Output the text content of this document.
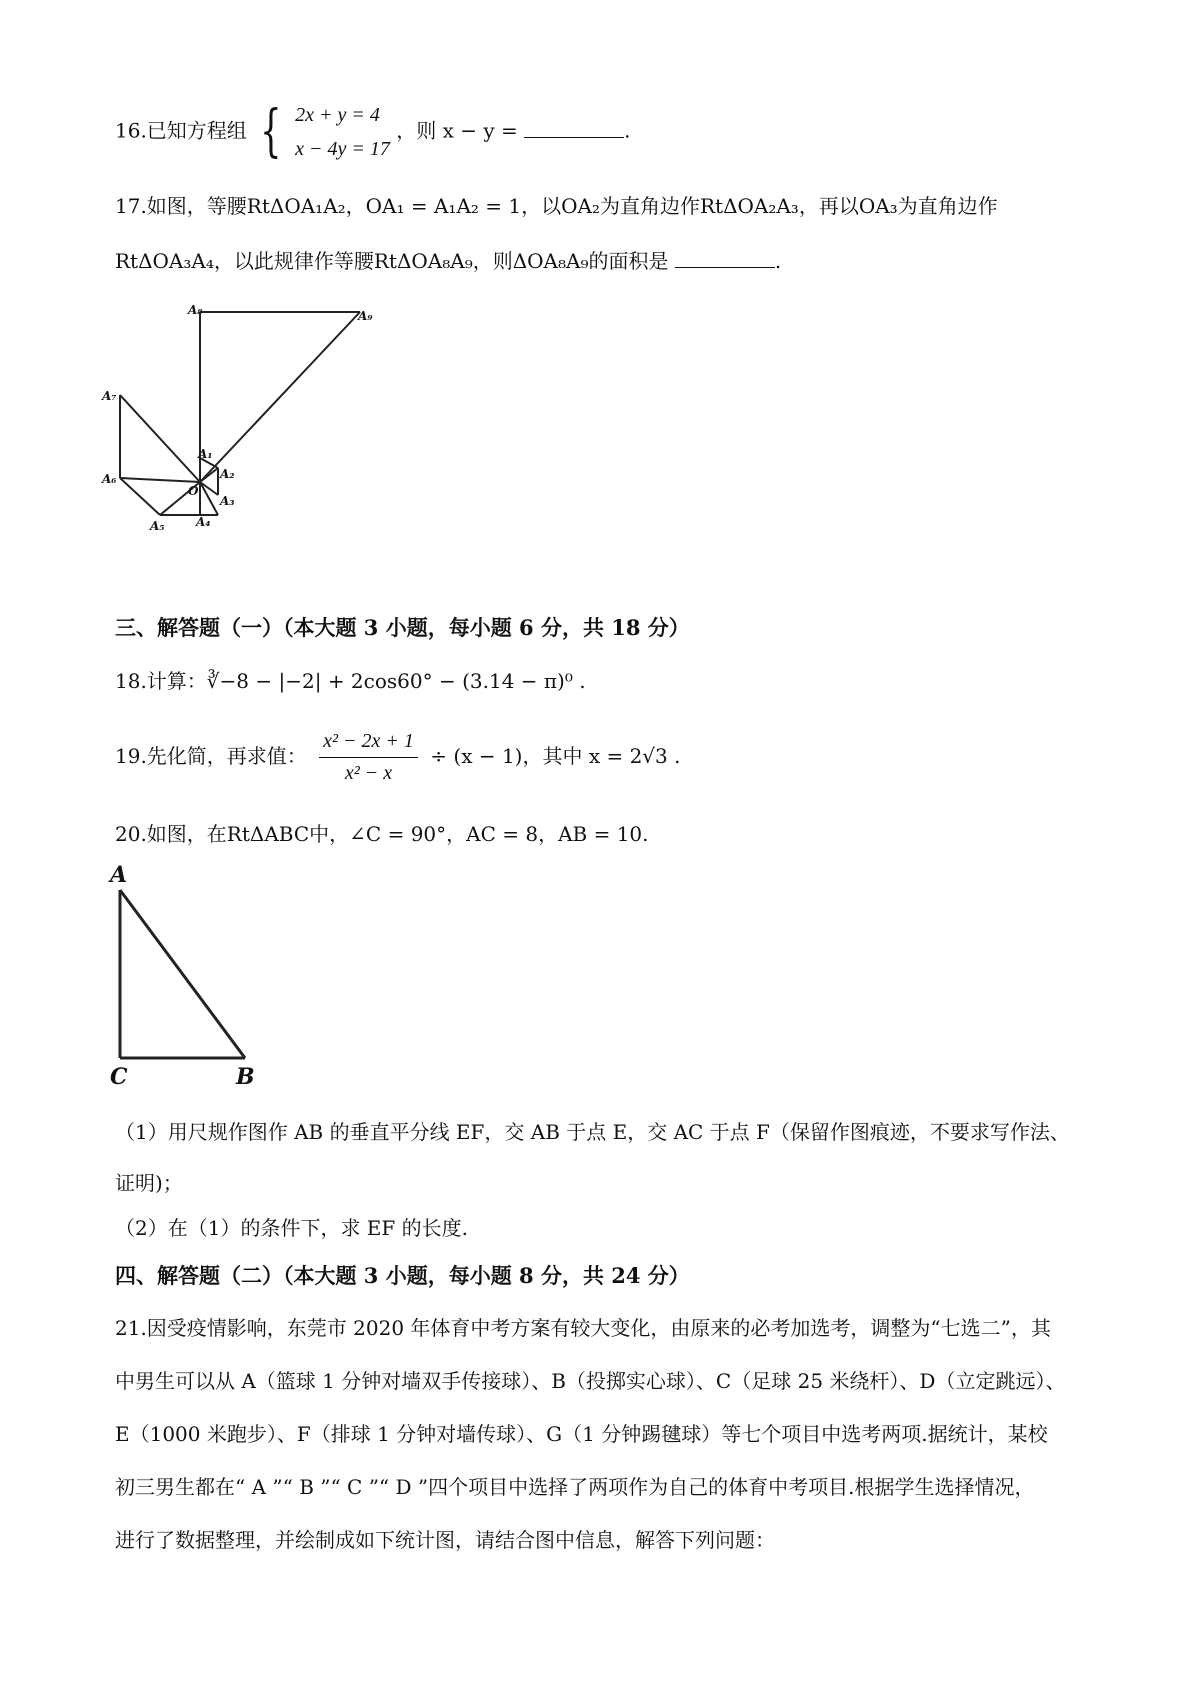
16.已知方程组 { 2x + y = 4
x − 4y = 17 ，则 x − y =	.
17.如图，等腰RtΔOA₁A₂，OA₁ = A₁A₂ = 1，以OA₂为直角边作RtΔOA₂A₃，再以OA₃为直角边作
RtΔOA₃A₄，以此规律作等腰RtΔOA₈A₉，则ΔOA₈A₉的面积是	.
A₈	A₉
A₇
A₆
A₅	A₄
A₃
A₂
A₁
O
三、解答题（一）（本大题 3 小题，每小题 6 分，共 18 分）
18.计算：∛−8 − |−2| + 2cos60° − (3.14 − π)⁰ .
19.先化简，再求值： $\frac{\text{x² − 2x + 1}}{\text{x² − x}} \div (x - 1)$，其中 x = 2√3 .
20.如图，在RtΔABC中，∠C = 90°，AC = 8，AB = 10.
A
C	B
（1）用尺规作图作 AB 的垂直平分线 EF，交 AB 于点 E，交 AC 于点 F（保留作图痕迹，不要求写作法、
证明)；
（2）在（1）的条件下，求 EF 的长度.
四、解答题（二）（本大题 3 小题，每小题 8 分，共 24 分）
21.因受疫情影响，东莞市 2020 年体育中考方案有较大变化，由原来的必考加选考，调整为“七选二”，其
中男生可以从 A（篮球 1 分钟对墙双手传接球）、B（投掷实心球）、C（足球 25 米绕杆）、D（立定跳远）、
E（1000 米跑步）、F（排球 1 分钟对墙传球）、G（1 分钟踢毽球）等七个项目中选考两项.据统计，某校
初三男生都在“ A ”“ B ”“ C ”“ D ”四个项目中选择了两项作为自己的体育中考项目.根据学生选择情况，
进行了数据整理，并绘制成如下统计图，请结合图中信息，解答下列问题：
